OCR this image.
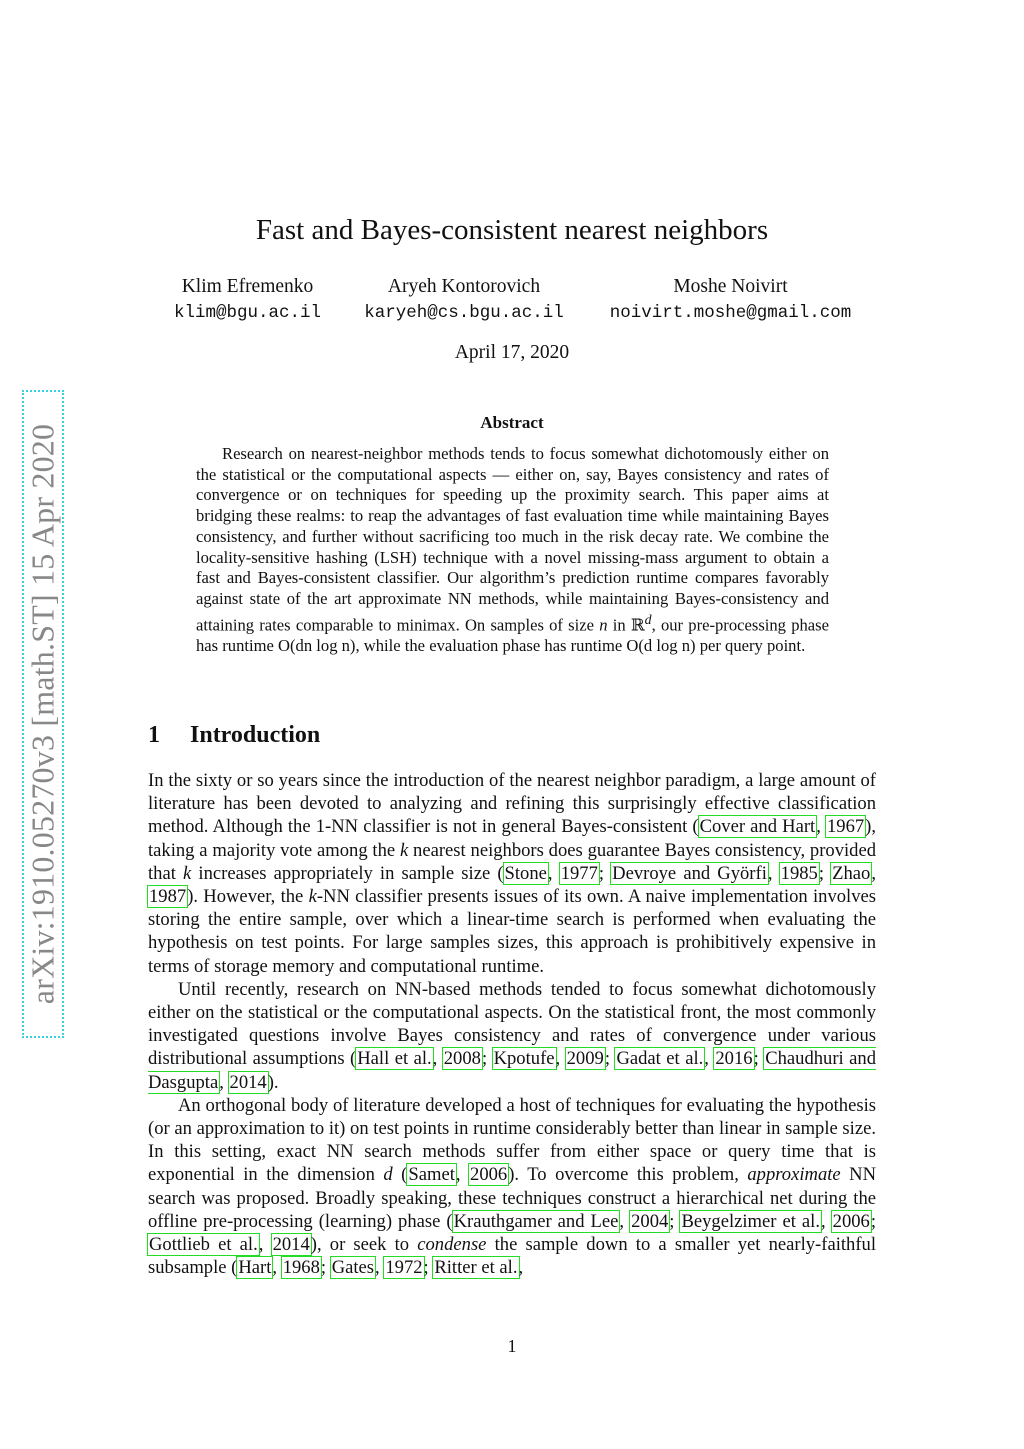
arXiv:1910.05270v3 [math.ST] 15 Apr 2020
Fast and Bayes-consistent nearest neighbors
Klim Efremenko
klim@bgu.ac.il
Aryeh Kontorovich
karyeh@cs.bgu.ac.il
Moshe Noivirt
noivirt.moshe@gmail.com
April 17, 2020
Abstract
Research on nearest-neighbor methods tends to focus somewhat dichotomously either on the statistical or the computational aspects — either on, say, Bayes consistency and rates of convergence or on techniques for speeding up the proximity search. This paper aims at bridging these realms: to reap the advantages of fast evaluation time while maintaining Bayes consistency, and further without sacrificing too much in the risk decay rate. We combine the locality-sensitive hashing (LSH) technique with a novel missing-mass argument to obtain a fast and Bayes-consistent classifier. Our algorithm’s prediction runtime compares favorably against state of the art approximate NN methods, while maintaining Bayes-consistency and attaining rates comparable to minimax. On samples of size n in ℝ$^d$, our pre-processing phase has runtime O(dn log n), while the evaluation phase has runtime O(d log n) per query point.
1 Introduction

In the sixty or so years since the introduction of the nearest neighbor paradigm, a large amount of literature has been devoted to analyzing and refining this surprisingly effective classification method. Although the 1-NN classifier is not in general Bayes-consistent (Cover and Hart, 1967), taking a majority vote among the k nearest neighbors does guarantee Bayes consistency, provided that k increases appropriately in sample size (Stone, 1977; Devroye and Györfi, 1985; Zhao, 1987). However, the k-NN classifier presents issues of its own. A naive implementation involves storing the entire sample, over which a linear-time search is performed when evaluating the hypothesis on test points. For large samples sizes, this approach is prohibitively expensive in terms of storage memory and computational runtime.

Until recently, research on NN-based methods tended to focus somewhat dichotomously either on the statistical or the computational aspects. On the statistical front, the most commonly investigated questions involve Bayes consistency and rates of convergence under various distributional assumptions (Hall et al., 2008; Kpotufe, 2009; Gadat et al., 2016; Chaudhuri and Dasgupta, 2014).

An orthogonal body of literature developed a host of techniques for evaluating the hypothesis (or an approximation to it) on test points in runtime considerably better than linear in sample size. In this setting, exact NN search methods suffer from either space or query time that is exponential in the dimension d (Samet, 2006). To overcome this problem, approximate NN search was proposed. Broadly speaking, these techniques construct a hierarchical net during the offline pre-processing (learning) phase (Krauthgamer and Lee, 2004; Beygelzimer et al., 2006; Gottlieb et al., 2014), or seek to condense the sample down to a smaller yet nearly-faithful subsample (Hart, 1968; Gates, 1972; Ritter et al.,

1
